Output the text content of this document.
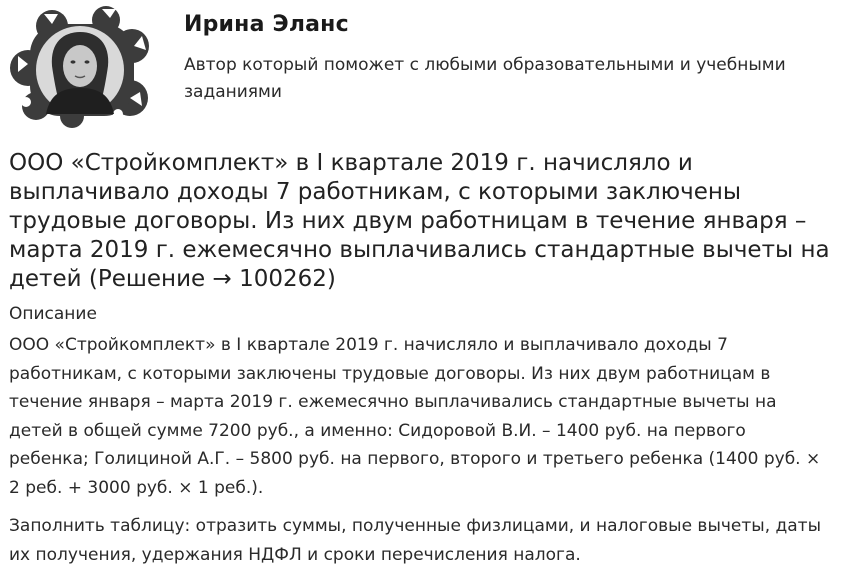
Ирина Эланс
Автор который поможет с любыми образовательными и учебными заданиями
ООО «Стройкомплект» в I квартале 2019 г. начисляло и выплачивало доходы 7 работникам, с которыми заключены трудовые договоры. Из них двум работницам в течение января – марта 2019 г. ежемесячно выплачивались стандартные вычеты на детей (Решение → 100262)
Описание

ООО «Стройкомплект» в I квартале 2019 г. начисляло и выплачивало доходы 7 работникам, с которыми заключены трудовые договоры. Из них двум работницам в течение января – марта 2019 г. ежемесячно выплачивались стандартные вычеты на детей в общей сумме 7200 руб., а именно: Сидоровой В.И. – 1400 руб. на первого ребенка; Голициной А.Г. – 5800 руб. на первого, второго и третьего ребенка (1400 руб. × 2 реб. + 3000 руб. × 1 реб.).

Заполнить таблицу: отразить суммы, полученные физлицами, и налоговые вычеты, даты их получения, удержания НДФЛ и сроки перечисления налога.
